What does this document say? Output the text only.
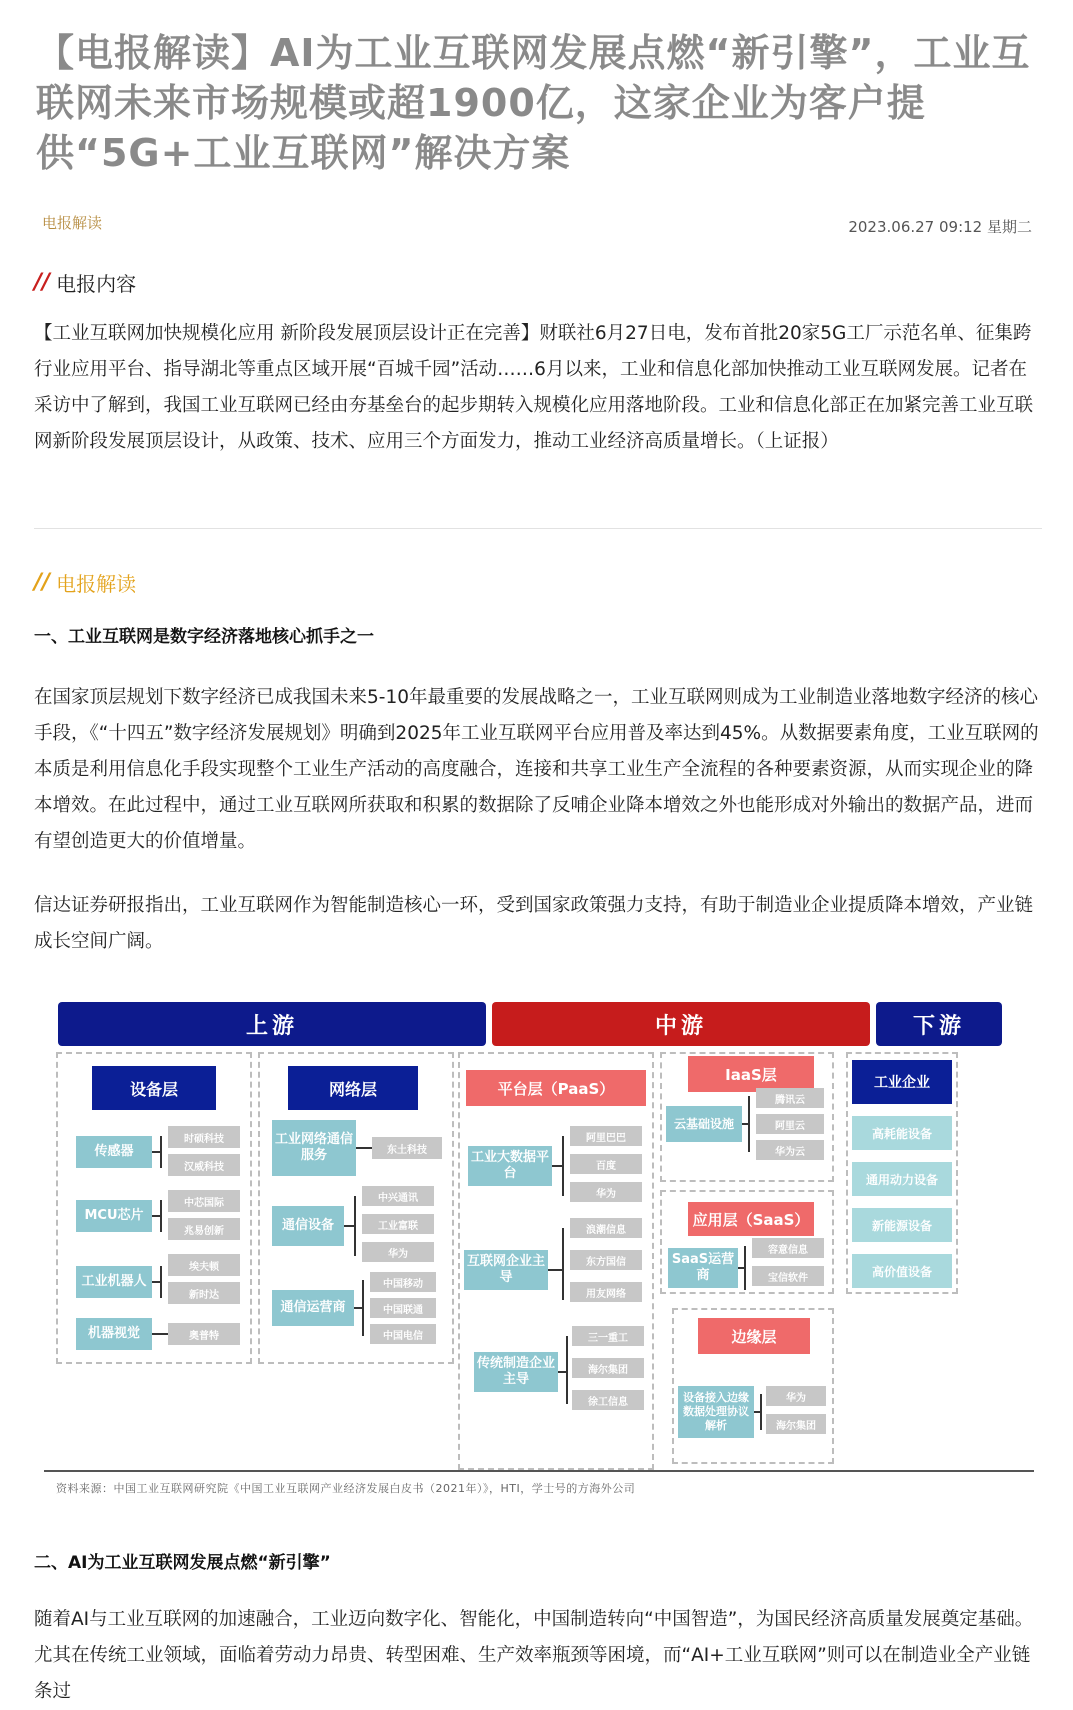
【电报解读】AI为工业互联网发展点燃“新引擎”，工业互联网未来市场规模或超1900亿，这家企业为客户提供“5G+工业互联网”解决方案
电报解读	2023.06.27 09:12 星期二
// 电报内容
【工业互联网加快规模化应用 新阶段发展顶层设计正在完善】财联社6月27日电，发布首批20家5G工厂示范名单、征集跨行业应用平台、指导湖北等重点区域开展“百城千园”活动……6月以来，工业和信息化部加快推动工业互联网发展。记者在采访中了解到，我国工业互联网已经由夯基垒台的起步期转入规模化应用落地阶段。工业和信息化部正在加紧完善工业互联网新阶段发展顶层设计，从政策、技术、应用三个方面发力，推动工业经济高质量增长。（上证报）
// 电报解读
一、工业互联网是数字经济落地核心抓手之一
在国家顶层规划下数字经济已成我国未来5-10年最重要的发展战略之一，工业互联网则成为工业制造业落地数字经济的核心手段，《“十四五”数字经济发展规划》明确到2025年工业互联网平台应用普及率达到45%。从数据要素角度，工业互联网的本质是利用信息化手段实现整个工业生产活动的高度融合，连接和共享工业生产全流程的各种要素资源，从而实现企业的降本增效。在此过程中，通过工业互联网所获取和积累的数据除了反哺企业降本增效之外也能形成对外输出的数据产品，进而有望创造更大的价值增量。
信达证券研报指出，工业互联网作为智能制造核心一环，受到国家政策强力支持，有助于制造业企业提质降本增效，产业链成长空间广阔。
上游	中游	下游
设备层
传感器
时硕科技
汉威科技
MCU芯片
中芯国际
兆易创新
工业机器人
埃夫顿
新时达
机器视觉	奥普特
网络层
工业网络通信服务	东土科技
通信设备
中兴通讯
工业富联
华为
通信运营商
中国移动
中国联通
中国电信
平台层（PaaS）
工业大数据平台
阿里巴巴
百度
华为
互联网企业主导
浪潮信息
东方国信
用友网络
传统制造企业主导
三一重工
海尔集团
徐工信息
IaaS层
云基础设施
腾讯云
阿里云
华为云
应用层（SaaS）
SaaS运营商
容意信息
宝信软件
边缘层
设备接入边缘数据处理协议解析
华为
海尔集团
工业企业
高耗能设备
通用动力设备
新能源设备
高价值设备
资料来源：中国工业互联网研究院《中国工业互联网产业经济发展白皮书（2021年）》，HTI，学士号的方海外公司
二、AI为工业互联网发展点燃“新引擎”
随着AI与工业互联网的加速融合，工业迈向数字化、智能化，中国制造转向“中国智造”，为国民经济高质量发展奠定基础。尤其在传统工业领域，面临着劳动力昂贵、转型困难、生产效率瓶颈等困境，而“AI+工业互联网”则可以在制造业全产业链条过
